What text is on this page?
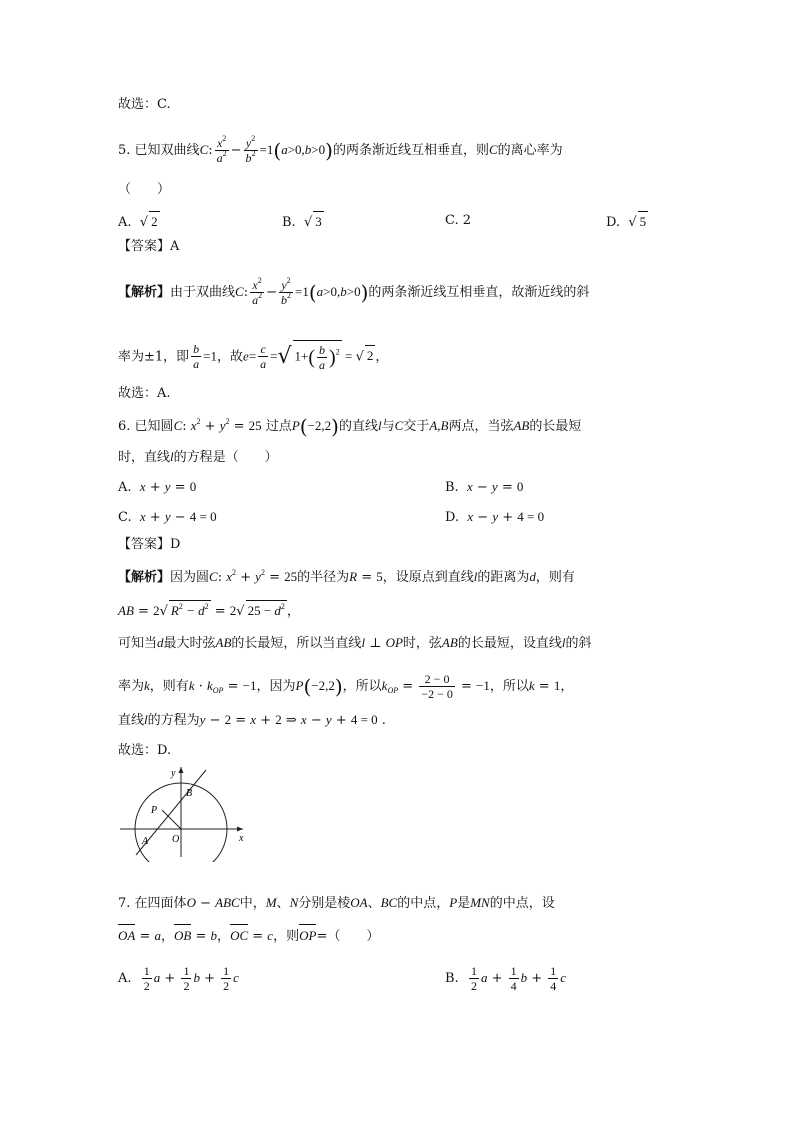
故选：C.
5. 已知双曲线C: $\frac{x^2}{a^2} - \frac{y^2}{b^2} =1(a>0,b>0)$的两条渐近线互相垂直，则C的离心率为
（　　）
A. √ 2	B. √ 3	C. 2	D. √ 5
【答案】A
【解析】由于双曲线C: $\frac{x^2}{a^2} - \frac{y^2}{b^2} =1(a>0,b>0)$的两条渐近线互相垂直，故渐近线的斜
率为±1，即 $\frac{b}{a} =1$，故$e= \frac{c}{a}$ =√ $1+( \frac{b}{a} )^2$ = √ 2 ，
故选：A.
6. 已知圆C: $x^2 + y^2 = 25$ 过点P(−2,2)的直线l与C交于A,B两点，当弦AB的长最短
时，直线l的方程是（　　）
A. x + y = 0	B. x − y = 0
C. x + y − 4 = 0	D. x − y + 4 = 0
【答案】D
【解析】因为圆C: $x^2 + y^2 = 25$的半径为R = 5，设原点到直线l的距离为d，则有
AB = 2√ $R^2 - d^2 = 2√$ $25 - d^2$ ，
可知当d最大时弦AB的长最短，所以当直线l ⊥ OP时，弦AB的长最短，设直线l的斜
率为k，则有$k \cdot k_{OP} = -1$，因为P(−2,2)，所以$k_{OP} = \frac{2 - 0}{-2 - 0} = -1$，所以k = 1，
直线l的方程为y − 2 = x + 2 ⇒ x − y + 4 = 0 .
故选：D.
y
x
B
P
O
A
7. 在四面体O − ABC中，M、N分别是棱OA、BC的中点，P是MN的中点，设
OA = a，OB = b，OC = c，则OP=（　　）
A. $\frac{1}{2}$ $a + \frac{1}{2}$ $b + \frac{1}{2}$ c	B. $\frac{1}{2}$ $a + \frac{1}{4}$ $b + \frac{1}{4}$ c
